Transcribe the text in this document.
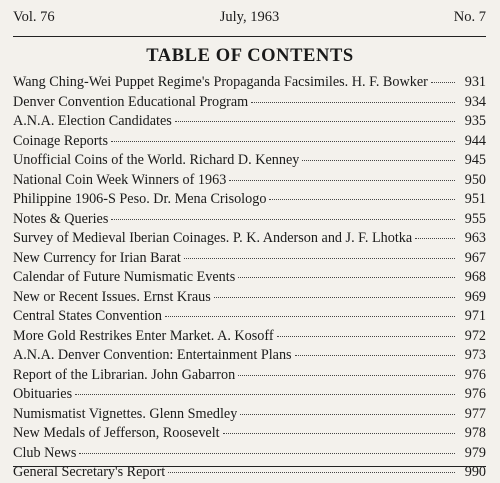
Vol. 76	July, 1963	No. 7
TABLE OF CONTENTS
Wang Ching-Wei Puppet Regime's Propaganda Facsimiles. H. F. Bowker	931
Denver Convention Educational Program	934
A.N.A. Election Candidates	935
Coinage Reports	944
Unofficial Coins of the World. Richard D. Kenney	945
National Coin Week Winners of 1963	950
Philippine 1906-S Peso. Dr. Mena Crisologo	951
Notes & Queries	955
Survey of Medieval Iberian Coinages. P. K. Anderson and J. F. Lhotka	963
New Currency for Irian Barat	967
Calendar of Future Numismatic Events	968
New or Recent Issues. Ernst Kraus	969
Central States Convention	971
More Gold Restrikes Enter Market. A. Kosoff	972
A.N.A. Denver Convention: Entertainment Plans	973
Report of the Librarian. John Gabarron	976
Obituaries	976
Numismatist Vignettes. Glenn Smedley	977
New Medals of Jefferson, Roosevelt	978
Club News	979
General Secretary's Report	990
